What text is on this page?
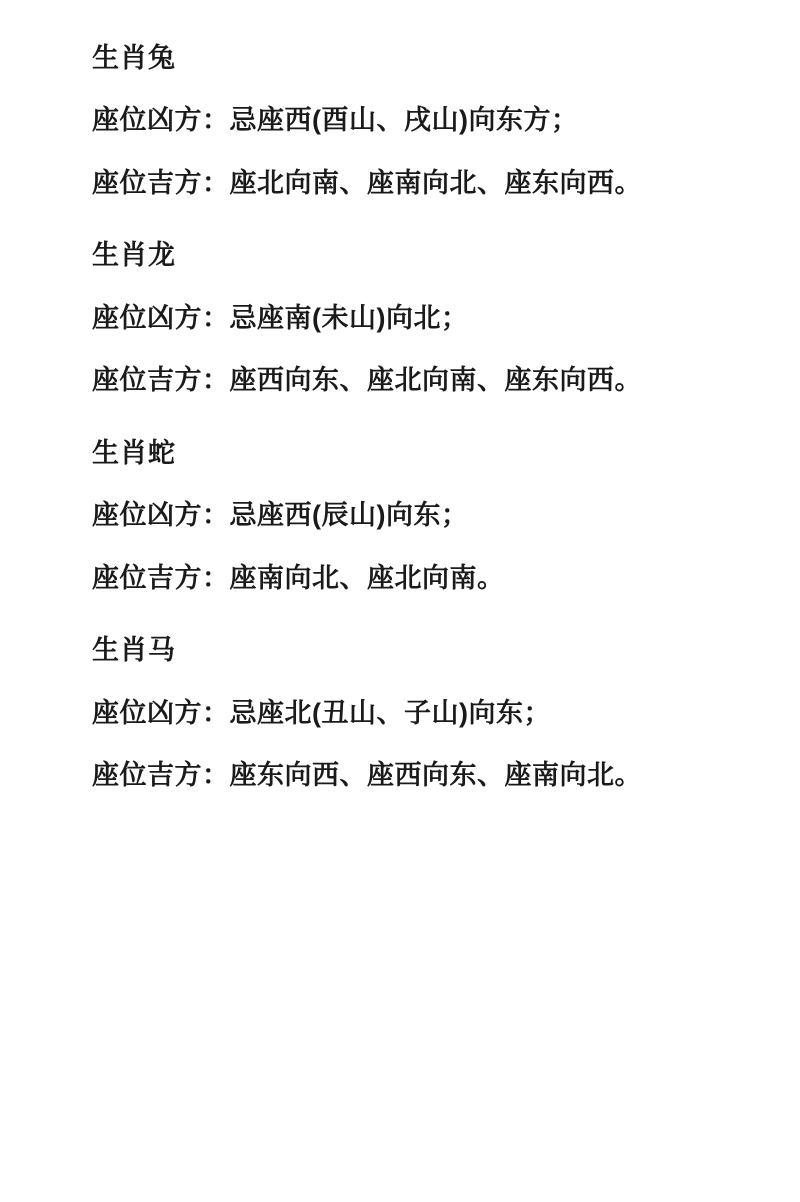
生肖兔

座位凶方：忌座西(酉山、戌山)向东方；

座位吉方：座北向南、座南向北、座东向西。

生肖龙

座位凶方：忌座南(未山)向北；

座位吉方：座西向东、座北向南、座东向西。

生肖蛇

座位凶方：忌座西(辰山)向东；

座位吉方：座南向北、座北向南。

生肖马

座位凶方：忌座北(丑山、子山)向东；

座位吉方：座东向西、座西向东、座南向北。
